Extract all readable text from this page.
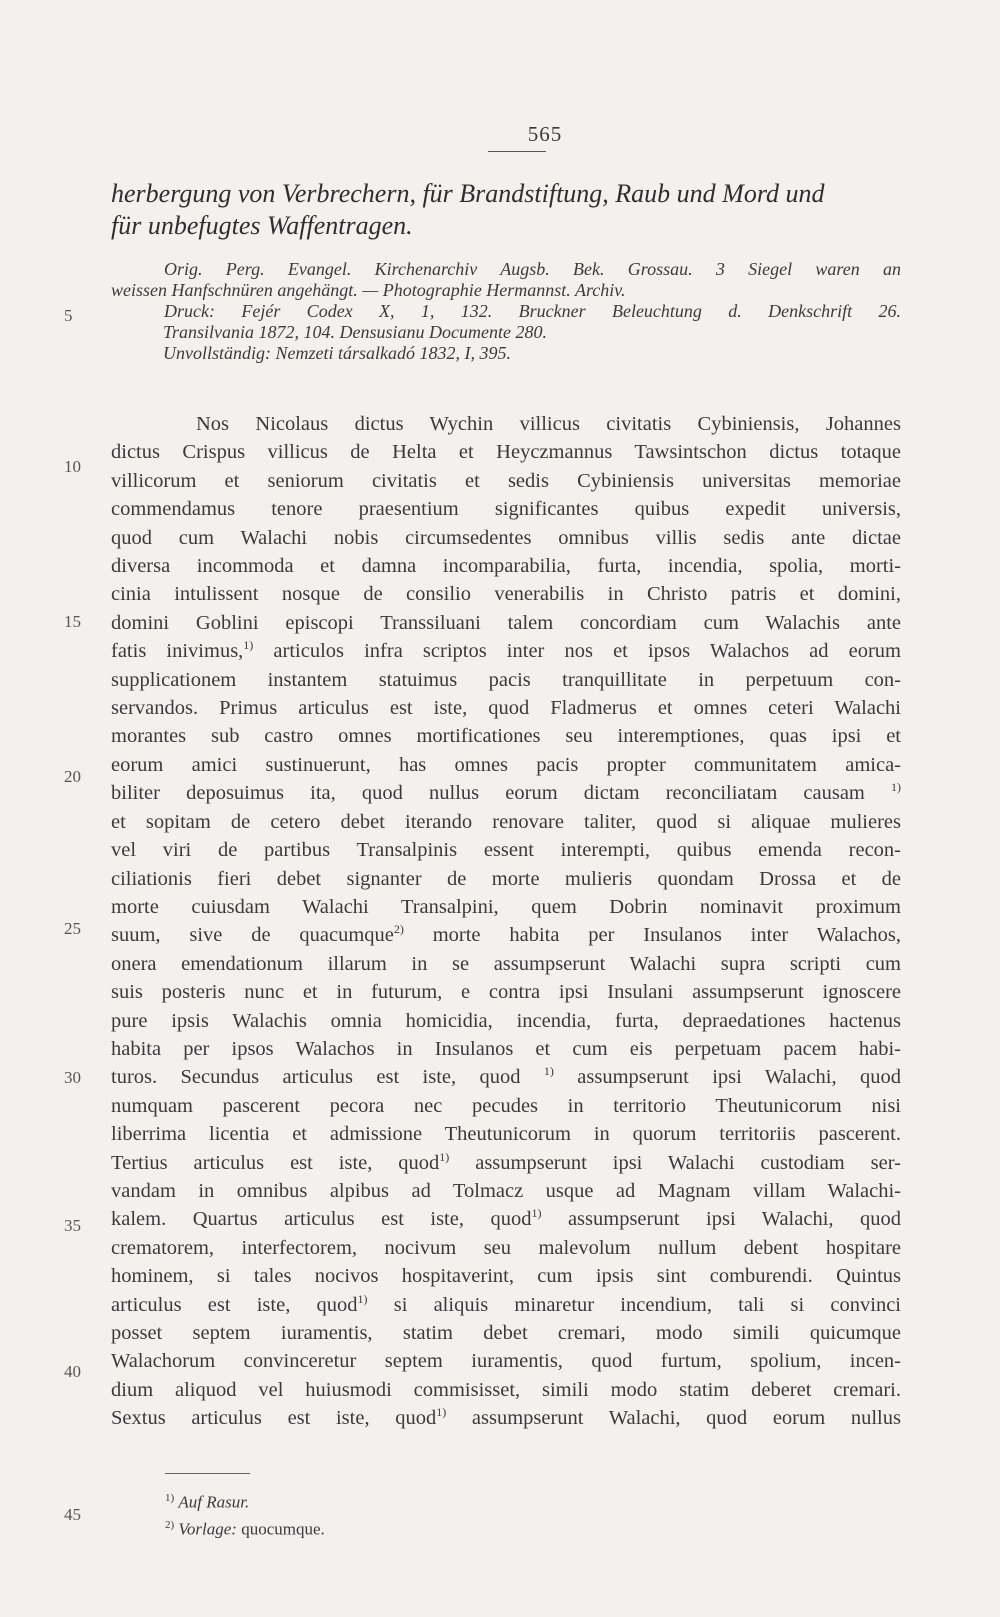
565
herbergung von Verbrechern, für Brandstiftung, Raub und Mord und
für unbefugtes Waffentragen.

Orig. Perg. Evangel. Kirchenarchiv Augsb. Bek. Grossau. 3 Siegel waren an

weissen Hanfschnüren angehängt. — Photographie Hermannst. Archiv.

Druck: Fejér Codex X, 1, 132. Bruckner Beleuchtung d. Denkschrift 26.

Transilvania 1872, 104. Densusianu Documente 280.

Unvollständig: Nemzeti társalkadó 1832, I, 395.

Nos Nicolaus dictus Wychin villicus civitatis Cybiniensis, Johannes
dictus Crispus villicus de Helta et Heyczmannus Tawsintschon dictus totaque
villicorum et seniorum civitatis et sedis Cybiniensis universitas memoriae
commendamus tenore praesentium significantes quibus expedit universis,
quod cum Walachi nobis circumsedentes omnibus villis sedis ante dictae
diversa incommoda et damna incomparabilia, furta, incendia, spolia, morti-
cinia intulissent nosque de consilio venerabilis in Christo patris et domini,
domini Goblini episcopi Transsiluani talem concordiam cum Walachis ante
fatis inivimus,$^{1)}$ articulos infra scriptos inter nos et ipsos Walachos ad eorum
supplicationem instantem statuimus pacis tranquillitate in perpetuum con-
servandos. Primus articulus est iste, quod Fladmerus et omnes ceteri Walachi
morantes sub castro omnes mortificationes seu interemptiones, quas ipsi et
eorum amici sustinuerunt, has omnes pacis propter communitatem amica-
biliter deposuimus ita, quod nullus eorum dictam reconciliatam causam $^{1)}$
et sopitam de cetero debet iterando renovare taliter, quod si aliquae mulieres
vel viri de partibus Transalpinis essent interempti, quibus emenda recon-
ciliationis fieri debet signanter de morte mulieris quondam Drossa et de
morte cuiusdam Walachi Transalpini, quem Dobrin nominavit proximum
suum, sive de quacumque$^{2)}$ morte habita per Insulanos inter Walachos,
onera emendationum illarum in se assumpserunt Walachi supra scripti cum
suis posteris nunc et in futurum, e contra ipsi Insulani assumpserunt ignoscere
pure ipsis Walachis omnia homicidia, incendia, furta, depraedationes hactenus
habita per ipsos Walachos in Insulanos et cum eis perpetuam pacem habi-
turos. Secundus articulus est iste, quod $^{1)}$ assumpserunt ipsi Walachi, quod
numquam pascerent pecora nec pecudes in territorio Theutunicorum nisi
liberrima licentia et admissione Theutunicorum in quorum territoriis pascerent.
Tertius articulus est iste, quod$^{1)}$ assumpserunt ipsi Walachi custodiam ser-
vandam in omnibus alpibus ad Tolmacz usque ad Magnam villam Walachi-
kalem. Quartus articulus est iste, quod$^{1)}$ assumpserunt ipsi Walachi, quod
crematorem, interfectorem, nocivum seu malevolum nullum debent hospitare
hominem, si tales nocivos hospitaverint, cum ipsis sint comburendi. Quintus
articulus est iste, quod$^{1)}$ si aliquis minaretur incendium, tali si convinci
posset septem iuramentis, statim debet cremari, modo simili quicumque
Walachorum convinceretur septem iuramentis, quod furtum, spolium, incen-
dium aliquod vel huiusmodi commisisset, simili modo statim deberet cremari.
Sextus articulus est iste, quod$^{1)}$ assumpserunt Walachi, quod eorum nullus
5
10
15
20
25
30
35
40
45
$^{1)}$ Auf Rasur.
$^{2)}$ Vorlage: quocumque.
